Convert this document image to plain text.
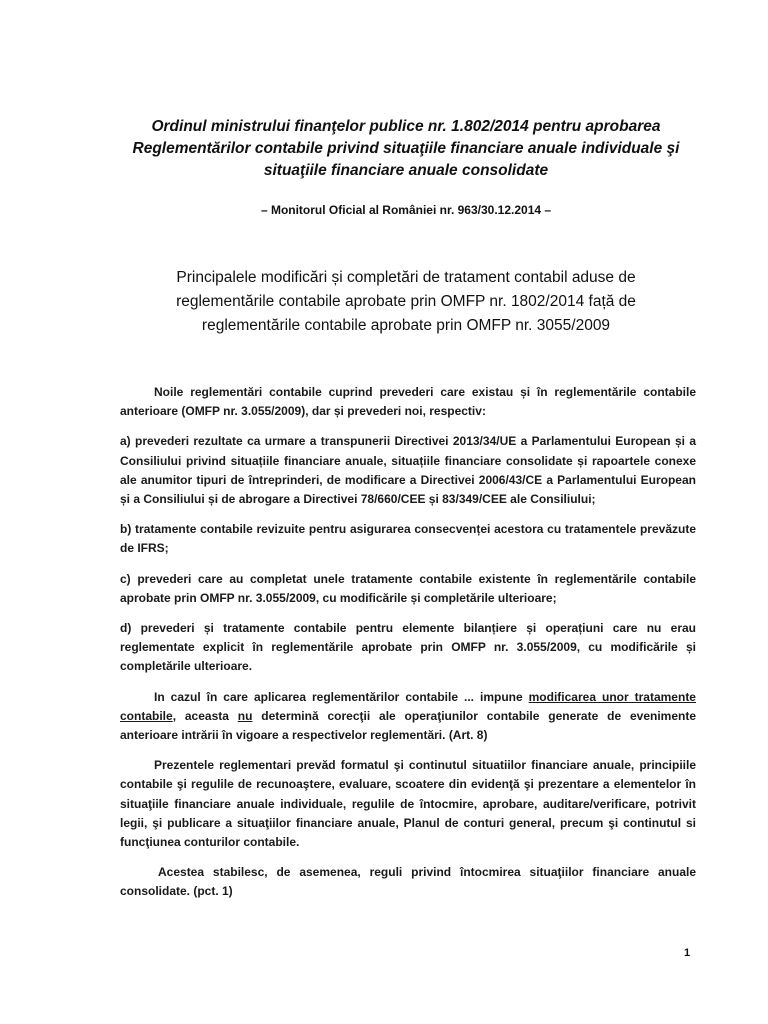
Ordinul ministrului finanţelor publice nr. 1.802/2014 pentru aprobarea Reglementărilor contabile privind situaţiile financiare anuale individuale şi situaţiile financiare anuale consolidate
– Monitorul Oficial al României nr. 963/30.12.2014 –
Principalele modificări și completări de tratament contabil aduse de reglementările contabile aprobate prin OMFP nr. 1802/2014 față de reglementările contabile aprobate prin OMFP nr. 3055/2009

Noile reglementări contabile cuprind prevederi care existau și în reglementările contabile anterioare (OMFP nr. 3.055/2009), dar și prevederi noi, respectiv:

a) prevederi rezultate ca urmare a transpunerii Directivei 2013/34/UE a Parlamentului European și a Consiliului privind situațiile financiare anuale, situațiile financiare consolidate și rapoartele conexe ale anumitor tipuri de întreprinderi, de modificare a Directivei 2006/43/CE a Parlamentului European și a Consiliului și de abrogare a Directivei 78/660/CEE și 83/349/CEE ale Consiliului;

b) tratamente contabile revizuite pentru asigurarea consecvenței acestora cu tratamentele prevăzute de IFRS;

c) prevederi care au completat unele tratamente contabile existente în reglementările contabile aprobate prin OMFP nr. 3.055/2009, cu modificările și completările ulterioare;

d) prevederi și tratamente contabile pentru elemente bilanțiere și operațiuni care nu erau reglementate explicit în reglementările aprobate prin OMFP nr. 3.055/2009, cu modificările și completările ulterioare.

In cazul în care aplicarea reglementărilor contabile ... impune modificarea unor tratamente contabile, aceasta nu determină corecţii ale operaţiunilor contabile generate de evenimente anterioare intrării în vigoare a respectivelor reglementări. (Art. 8)

Prezentele reglementari prevăd formatul şi continutul situatiilor financiare anuale, principiile contabile şi regulile de recunoaştere, evaluare, scoatere din evidenţă şi prezentare a elementelor în situaţiile financiare anuale individuale, regulile de întocmire, aprobare, auditare/verificare, potrivit legii, şi publicare a situaţiilor financiare anuale, Planul de conturi general, precum şi continutul si funcţiunea conturilor contabile.

Acestea stabilesc, de asemenea, reguli privind întocmirea situaţiilor financiare anuale consolidate. (pct. 1)

1
